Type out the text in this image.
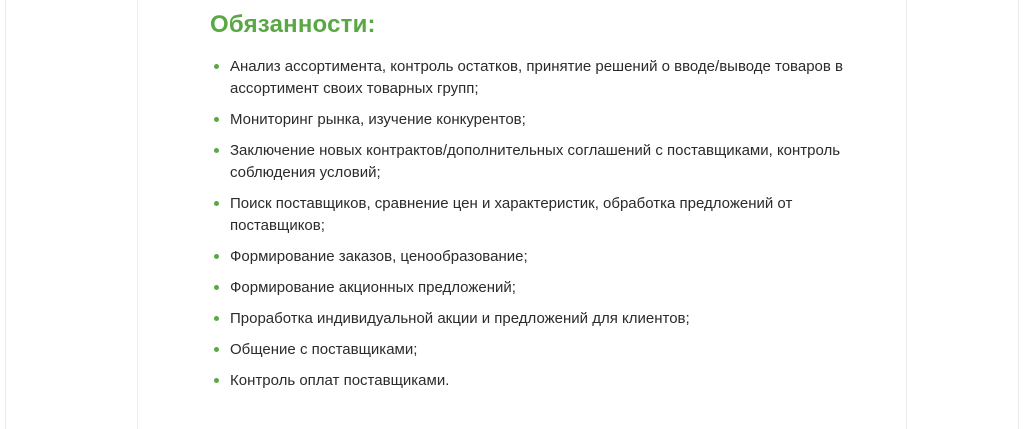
Обязанности:
Анализ ассортимента, контроль остатков, принятие решений о вводе/выводе товаров в ассортимент своих товарных групп;
Мониторинг рынка, изучение конкурентов;
Заключение новых контрактов/дополнительных соглашений с поставщиками, контроль соблюдения условий;
Поиск поставщиков, сравнение цен и характеристик, обработка предложений от поставщиков;
Формирование заказов, ценообразование;
Формирование акционных предложений;
Проработка индивидуальной акции и предложений для клиентов;
Общение с поставщиками;
Контроль оплат поставщиками.
